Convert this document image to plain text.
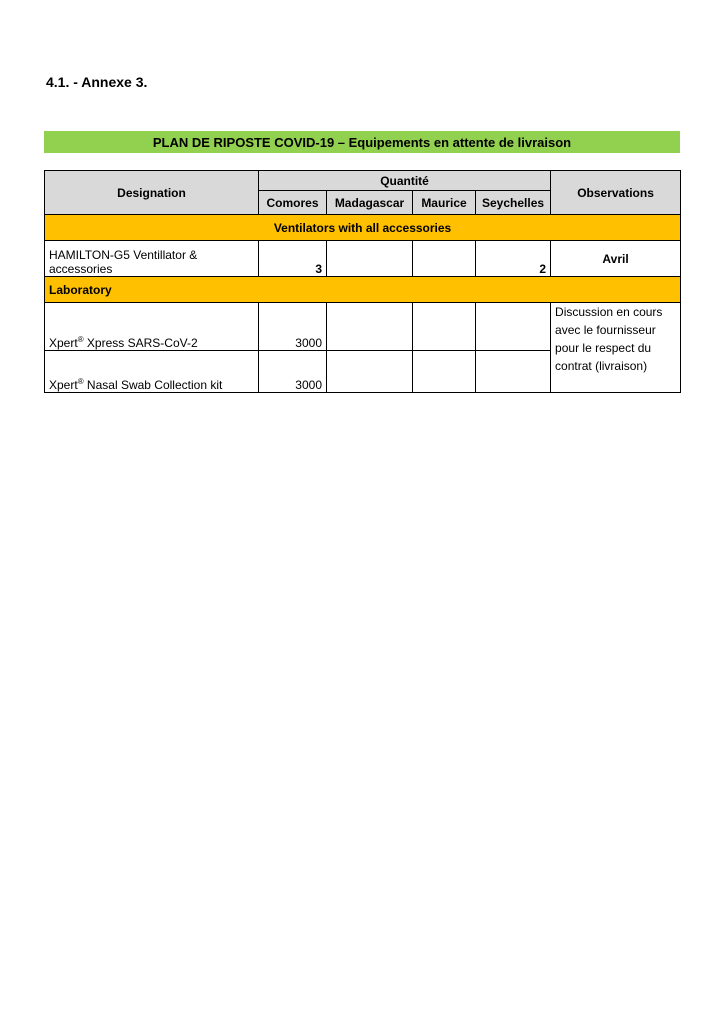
4.1. - Annexe 3.
PLAN DE RIPOSTE COVID-19 – Equipements en attente de livraison
Designation	Quantité				Observations
	Comores	Madagascar	Maurice	Seychelles	
Ventilators with all accessories					
HAMILTON-G5 Ventillator & accessories	3			2	Avril
Laboratory					
Xpert® Xpress SARS-CoV-2	3000				Discussion en cours avec le fournisseur pour le respect du contrat (livraison)
Xpert® Nasal Swab Collection kit	3000				
